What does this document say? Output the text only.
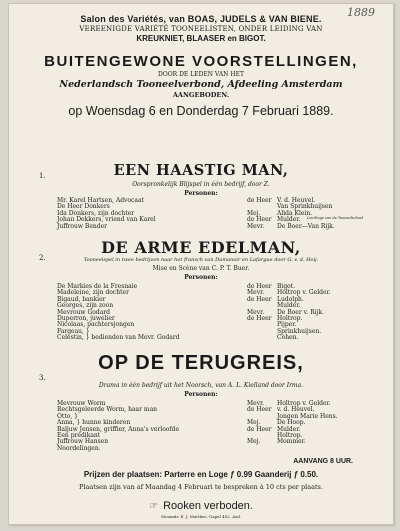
1889
Salon des Variétés, van BOAS, JUDELS & VAN BIENE.
VEREENIGDE VARIÉTÉ TOONEELISTEN, ONDER LEIDING VAN
KREUKNIET, BLAASER en BIGOT.
BUITENGEWONE VOORSTELLINGEN,
DOOR DE LEDEN VAN HET
Nederlandsch Tooneelverbond, Afdeeling Amsterdam
AANGEBODEN.
op Woensdag 6 en Donderdag 7 Februari 1889.
1.	EEN HAASTIG MAN,
Oorspronkelijk Blijspel in één bedrijf, door Z.
Personen:
Mr. Karel Hartsen, Advocaat	de Heer V. d. Heuvel.
De Heer Donkers	Van Sprinkhuijsen
Ida Donkers, zijn dochter	Mej.	Alida Klein.
Leerlinge van de Tooneelschool
Johan Dekkers, vriend van Karel	de Heer Mulder.
Juffrouw Bender	Mevr. De Boer—Van Rijk.
2.
DE ARME EDELMAN,
Tooneelspel in twee bedrijven naar het fransch van Dumanoir en Lafargue door G. v. d. Hoij.
Mise en Scène van C. P. T. Buer.
Personen:
De Markies de la Fresnaie	de Heer Bigot.
Madeleine, zijn dochter	Mevr. Holtrop v. Gelder.
Bigaud, bankier	de Heer Ludolph.
Georges, zijn zoon	Mulder.
Mevrouw Godard	Mevr. De Boer v. Rijk.
Duperron, juwelier	de Heer Holtrop.
Nicolaas, pachtersjongen	Pijper.
Fargeau, }	Sprinkhuijsen.
Celestin, } bedienden van Mevr. Godard	Cohen.
3.
OP DE TERUGREIS,
Drama in één bedrijf uit het Noorsch, van A. L. Kielland door Irma.
Personen:
Mevrouw Worm	Mevr. Holtrop v. Gelder.
Rechtsgeleerde Worm, haar man	de Heer v. d. Heuvel.
Otto, }	Jongen Marie Hens.
Anna, } hunne kinderen	Mej.	De Hoop.
Baljuw Jensen, griffier, Anna's verloofde	de Heer Mulder.
Een predikant	Holtrop.
Juffrouw Hansen	Mej.	Mommer.
Noordelingen.
AANVANG 8 UUR.
Prijzen der plaatsen: Parterre en Loge ƒ 0.99 Gaanderij ƒ 0.50.
Plaatsen zijn van af Maandag 4 Februari te bespreken à 10 cts per plaats.
☞ Rooken verboden.
Stoomdr. E. J. Matthes, Gapel 452, Asd.
